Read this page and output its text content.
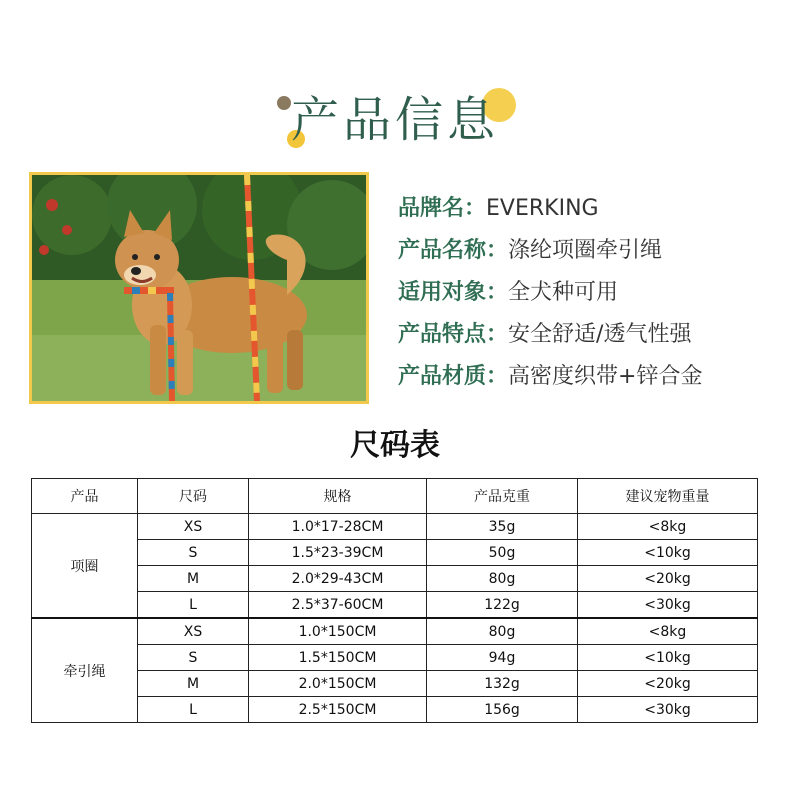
产品信息
品牌名：EVERKING
产品名称：涤纶项圈牵引绳
适用对象：全犬种可用
产品特点：安全舒适/透气性强
产品材质：高密度织带+锌合金
尺码表
产品	尺码	规格	产品克重	建议宠物重量
项圈	XS	1.0*17-28CM	35g	<8kg
	S	1.5*23-39CM	50g	<10kg
	M	2.0*29-43CM	80g	<20kg
	L	2.5*37-60CM	122g	<30kg
牵引绳	XS	1.0*150CM	80g	<8kg
	S	1.5*150CM	94g	<10kg
	M	2.0*150CM	132g	<20kg
	L	2.5*150CM	156g	<30kg
